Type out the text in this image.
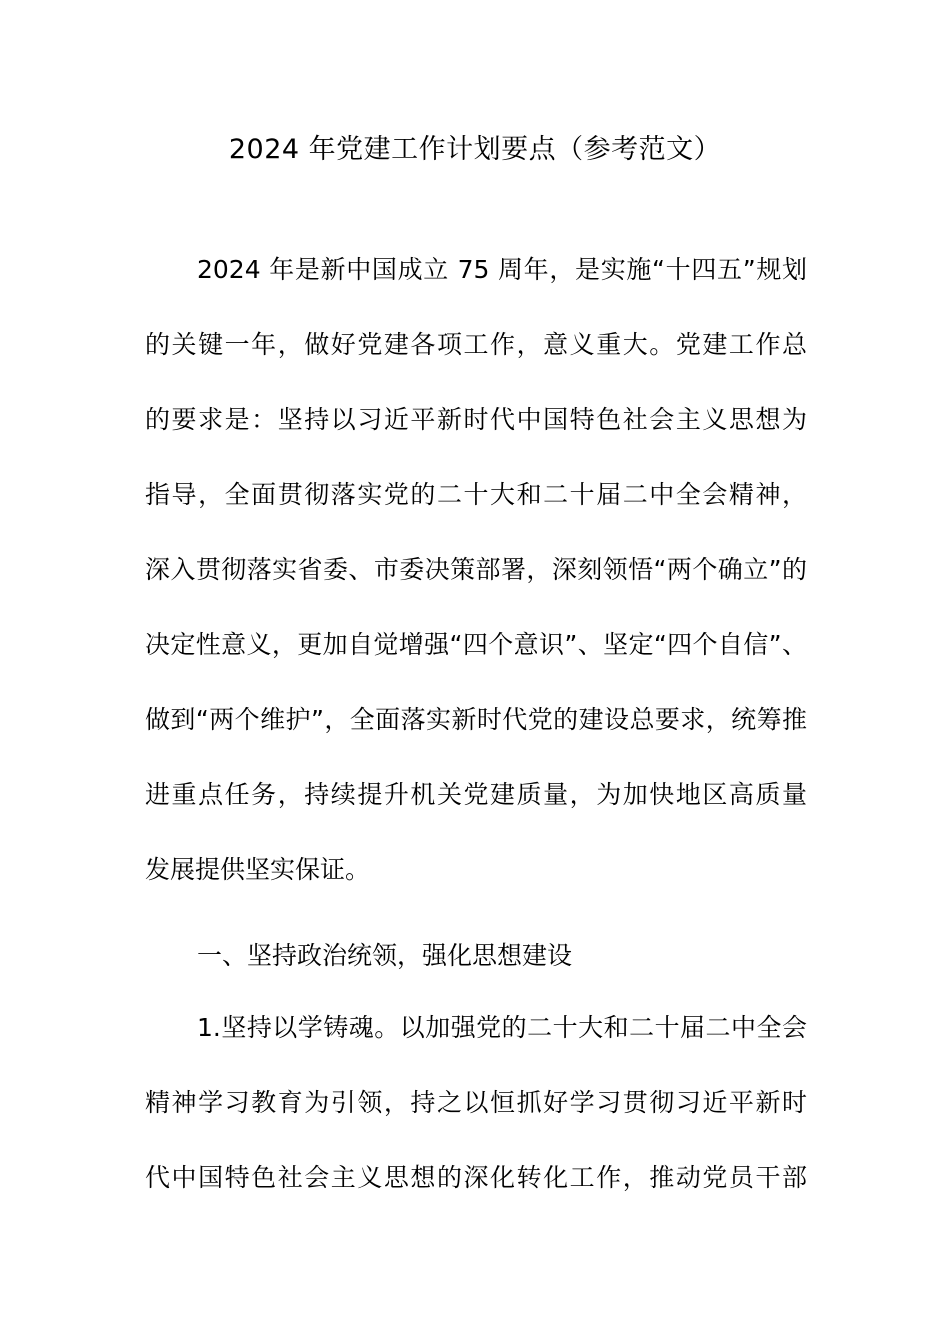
2024 年党建工作计划要点（参考范文）
2024 年是新中国成立 75 周年，是实施“十四五”规划
的关键一年，做好党建各项工作，意义重大。党建工作总
的要求是：坚持以习近平新时代中国特色社会主义思想为
指导，全面贯彻落实党的二十大和二十届二中全会精神，
深入贯彻落实省委、市委决策部署，深刻领悟“两个确立”的
决定性意义，更加自觉增强“四个意识”、坚定“四个自信”、
做到“两个维护”，全面落实新时代党的建设总要求，统筹推
进重点任务，持续提升机关党建质量，为加快地区高质量
发展提供坚实保证。
一、坚持政治统领，强化思想建设
1.坚持以学铸魂。以加强党的二十大和二十届二中全会
精神学习教育为引领，持之以恒抓好学习贯彻习近平新时
代中国特色社会主义思想的深化转化工作，推动党员干部
